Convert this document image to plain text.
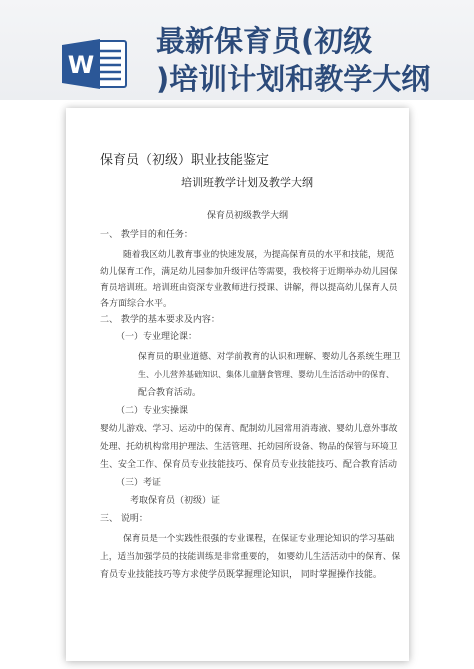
W
最新保育员(初级
)培训计划和教学大纲
保育员（初级）职业技能鉴定
培训班教学计划及教学大纲
保育员初级教学大纲
一、 教学目的和任务：
随着我区幼儿教育事业的快速发展，为提高保育员的水平和技能，规范
幼儿保育工作，满足幼儿园参加升级评估等需要，我校将于近期举办幼儿园保
育员培训班。培训班由资深专业教师进行授课、讲解，得以提高幼儿保育人员
各方面综合水平。
二、 教学的基本要求及内容：
（一）专业理论课：
保育员的职业道德、对学前教育的认识和理解、婴幼儿各系统生理卫
生、小儿营养基础知识、集体儿童膳食管理、婴幼儿生活活动中的保育、
配合教育活动。
（二）专业实操课
婴幼儿游戏、学习、运动中的保育、配制幼儿园常用消毒液、婴幼儿意外事故
处理、托幼机构常用护理法、生活管理、托幼园所设备、物品的保管与环境卫
生、安全工作、保育员专业技能技巧、保育员专业技能技巧、配合教育活动
（三）考证
考取保育员（初级）证
三、 说明：
保育员是一个实践性很强的专业课程，在保证专业理论知识的学习基础
上，适当加强学员的技能训练是非常重要的， 如婴幼儿生活活动中的保育、保
育员专业技能技巧等方求使学员既掌握理论知识， 同时掌握操作技能。
